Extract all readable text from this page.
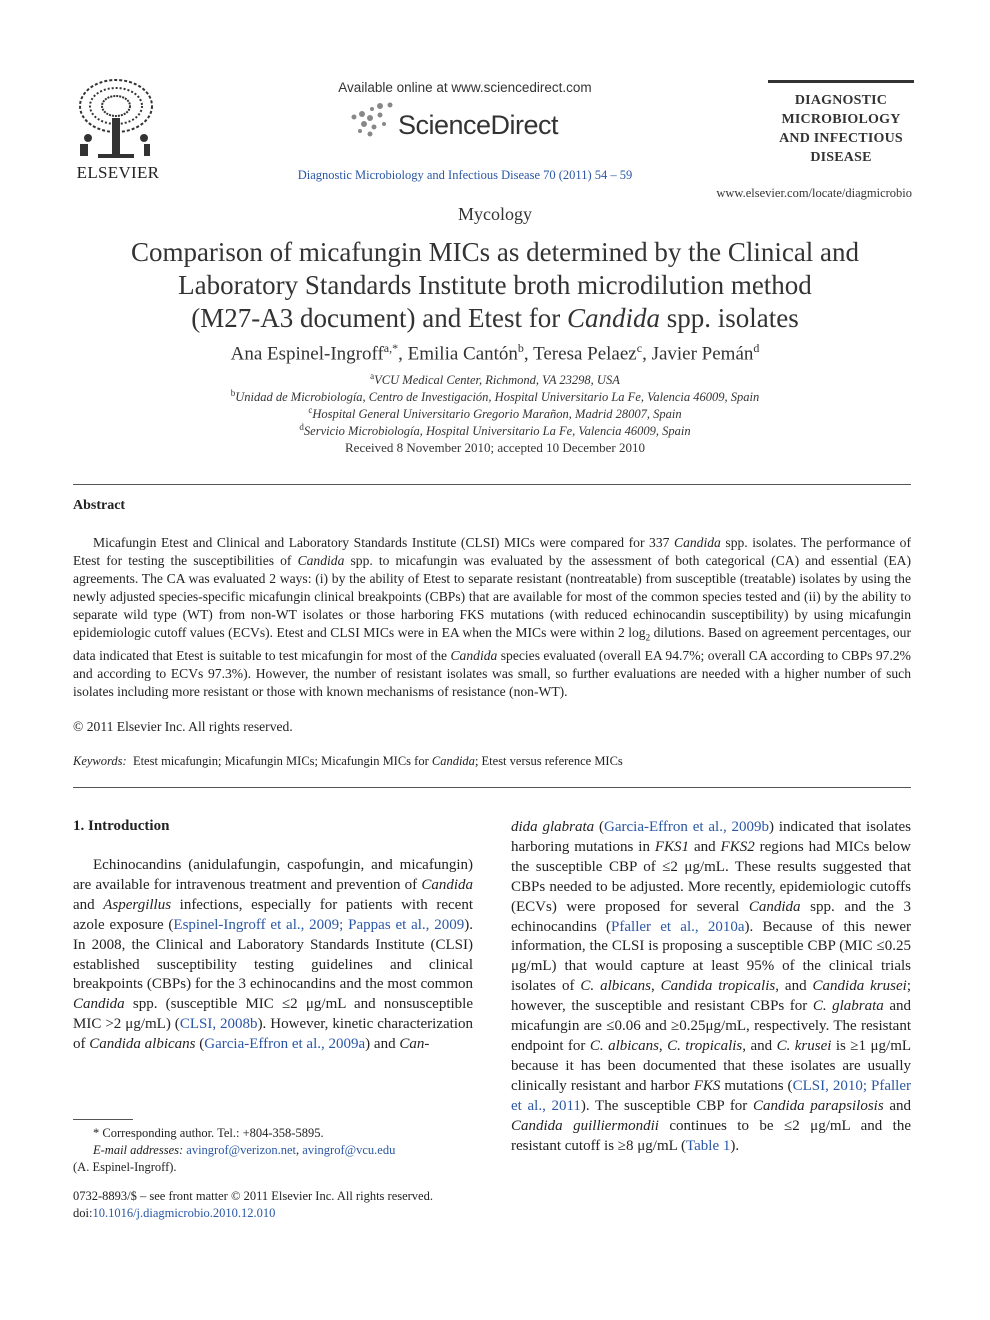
ELSEVIER
Available online at www.sciencedirect.com
ScienceDirect
Diagnostic Microbiology and Infectious Disease 70 (2011) 54 – 59
DIAGNOSTIC
MICROBIOLOGY
AND INFECTIOUS
DISEASE
www.elsevier.com/locate/diagmicrobio
Mycology
Comparison of micafungin MICs as determined by the Clinical and
Laboratory Standards Institute broth microdilution method
(M27-A3 document) and Etest for Candida spp. isolates
Ana Espinel-Ingroff$^{a,*}$, Emilia Cantón$^b$, Teresa Pelaez$^c$, Javier Pemán$^d$
$^a$VCU Medical Center, Richmond, VA 23298, USA
$^b$Unidad de Microbiología, Centro de Investigación, Hospital Universitario La Fe, Valencia 46009, Spain
$^c$Hospital General Universitario Gregorio Marañon, Madrid 28007, Spain
$^d$Servicio Microbiología, Hospital Universitario La Fe, Valencia 46009, Spain
Received 8 November 2010; accepted 10 December 2010
Abstract
Micafungin Etest and Clinical and Laboratory Standards Institute (CLSI) MICs were compared for 337 Candida spp. isolates. The performance of Etest for testing the susceptibilities of Candida spp. to micafungin was evaluated by the assessment of both categorical (CA) and essential (EA) agreements. The CA was evaluated 2 ways: (i) by the ability of Etest to separate resistant (nontreatable) from susceptible (treatable) isolates by using the newly adjusted species-specific micafungin clinical breakpoints (CBPs) that are available for most of the common species tested and (ii) by the ability to separate wild type (WT) from non-WT isolates or those harboring FKS mutations (with reduced echinocandin susceptibility) by using micafungin epidemiologic cutoff values (ECVs). Etest and CLSI MICs were in EA when the MICs were within 2 $\log_2$ dilutions. Based on agreement percentages, our data indicated that Etest is suitable to test micafungin for most of the Candida species evaluated (overall EA 94.7%; overall CA according to CBPs 97.2% and according to ECVs 97.3%). However, the number of resistant isolates was small, so further evaluations are needed with a higher number of such isolates including more resistant or those with known mechanisms of resistance (non-WT).
© 2011 Elsevier Inc. All rights reserved.
Keywords: Etest micafungin; Micafungin MICs; Micafungin MICs for Candida; Etest versus reference MICs
1. Introduction
Echinocandins (anidulafungin, caspofungin, and micafungin) are available for intravenous treatment and prevention of Candida and Aspergillus infections, especially for patients with recent azole exposure (Espinel-Ingroff et al., 2009; Pappas et al., 2009). In 2008, the Clinical and Laboratory Standards Institute (CLSI) established susceptibility testing guidelines and clinical breakpoints (CBPs) for the 3 echinocandins and the most common Candida spp. (susceptible MIC ≤2 μg/mL and nonsusceptible MIC >2 μg/mL) (CLSI, 2008b). However, kinetic characterization of Candida albicans (Garcia-Effron et al., 2009a) and Can-
dida glabrata (Garcia-Effron et al., 2009b) indicated that isolates harboring mutations in FKS1 and FKS2 regions had MICs below the susceptible CBP of ≤2 μg/mL. These results suggested that CBPs needed to be adjusted. More recently, epidemiologic cutoffs (ECVs) were proposed for several Candida spp. and the 3 echinocandins (Pfaller et al., 2010a). Because of this newer information, the CLSI is proposing a susceptible CBP (MIC ≤0.25 μg/mL) that would capture at least 95% of the clinical trials isolates of C. albicans, Candida tropicalis, and Candida krusei; however, the susceptible and resistant CBPs for C. glabrata and micafungin are ≤0.06 and ≥0.25μg/mL, respectively. The resistant endpoint for C. albicans, C. tropicalis, and C. krusei is ≥1 μg/mL because it has been documented that these isolates are usually clinically resistant and harbor FKS mutations (CLSI, 2010; Pfaller et al., 2011). The susceptible CBP for Candida parapsilosis and Candida guilliermondii continues to be ≤2 μg/mL and the resistant cutoff is ≥8 μg/mL (Table 1).
* Corresponding author. Tel.: +804-358-5895.
E-mail addresses: avingrof@verizon.net, avingrof@vcu.edu
(A. Espinel-Ingroff).
0732-8893/$ – see front matter © 2011 Elsevier Inc. All rights reserved.
doi:10.1016/j.diagmicrobio.2010.12.010
